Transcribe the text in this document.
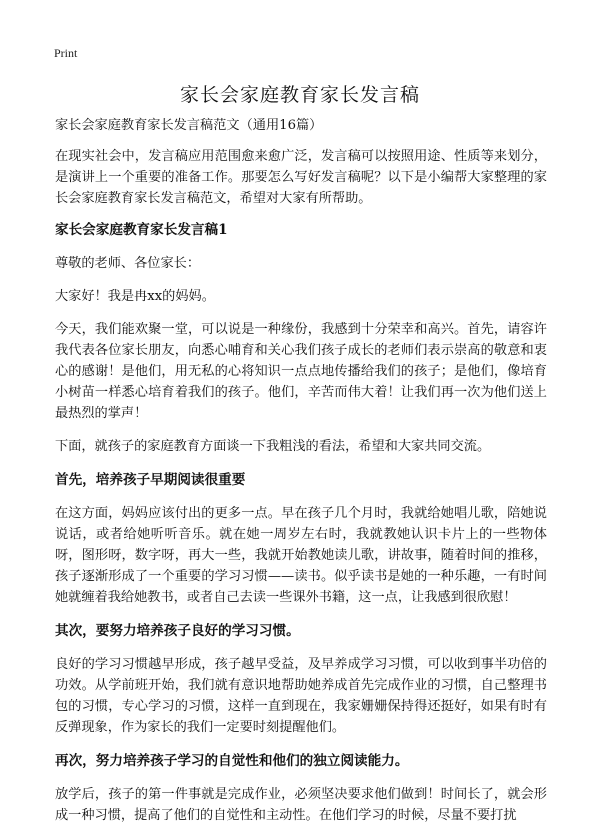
Print
家长会家庭教育家长发言稿

家长会家庭教育家长发言稿范文（通用16篇）

在现实社会中，发言稿应用范围愈来愈广泛，发言稿可以按照用途、性质等来划分，是演讲上一个重要的准备工作。那要怎么写好发言稿呢？以下是小编帮大家整理的家长会家庭教育家长发言稿范文，希望对大家有所帮助。

家长会家庭教育家长发言稿1

尊敬的老师、各位家长：

大家好！我是冉xx的妈妈。

今天，我们能欢聚一堂，可以说是一种缘份，我感到十分荣幸和高兴。首先，请容许我代表各位家长朋友，向悉心哺育和关心我们孩子成长的老师们表示崇高的敬意和衷心的感谢！是他们，用无私的心将知识一点点地传播给我们的孩子；是他们，像培育小树苗一样悉心培育着我们的孩子。他们，辛苦而伟大着！让我们再一次为他们送上最热烈的掌声！

下面，就孩子的家庭教育方面谈一下我粗浅的看法，希望和大家共同交流。

首先，培养孩子早期阅读很重要

在这方面，妈妈应该付出的更多一点。早在孩子几个月时，我就给她唱儿歌，陪她说说话，或者给她听听音乐。就在她一周岁左右时，我就教她认识卡片上的一些物体呀，图形呀，数字呀，再大一些，我就开始教她读儿歌，讲故事，随着时间的推移，孩子逐渐形成了一个重要的学习习惯——读书。似乎读书是她的一种乐趣，一有时间她就缠着我给她教书，或者自己去读一些课外书籍，这一点，让我感到很欣慰！

其次，要努力培养孩子良好的学习习惯。

良好的学习习惯越早形成，孩子越早受益，及早养成学习习惯，可以收到事半功倍的功效。从学前班开始，我们就有意识地帮助她养成首先完成作业的习惯，自己整理书包的习惯，专心学习的习惯，这样一直到现在，我家姗姗保持得还挺好，如果有时有反弹现象，作为家长的我们一定要时刻提醒他们。

再次，努力培养孩子学习的自觉性和他们的独立阅读能力。

放学后，孩子的第一件事就是完成作业，必须坚决要求他们做到！时间长了，就会形成一种习惯，提高了他们的自觉性和主动性。在他们学习的时候，尽量不要打扰
